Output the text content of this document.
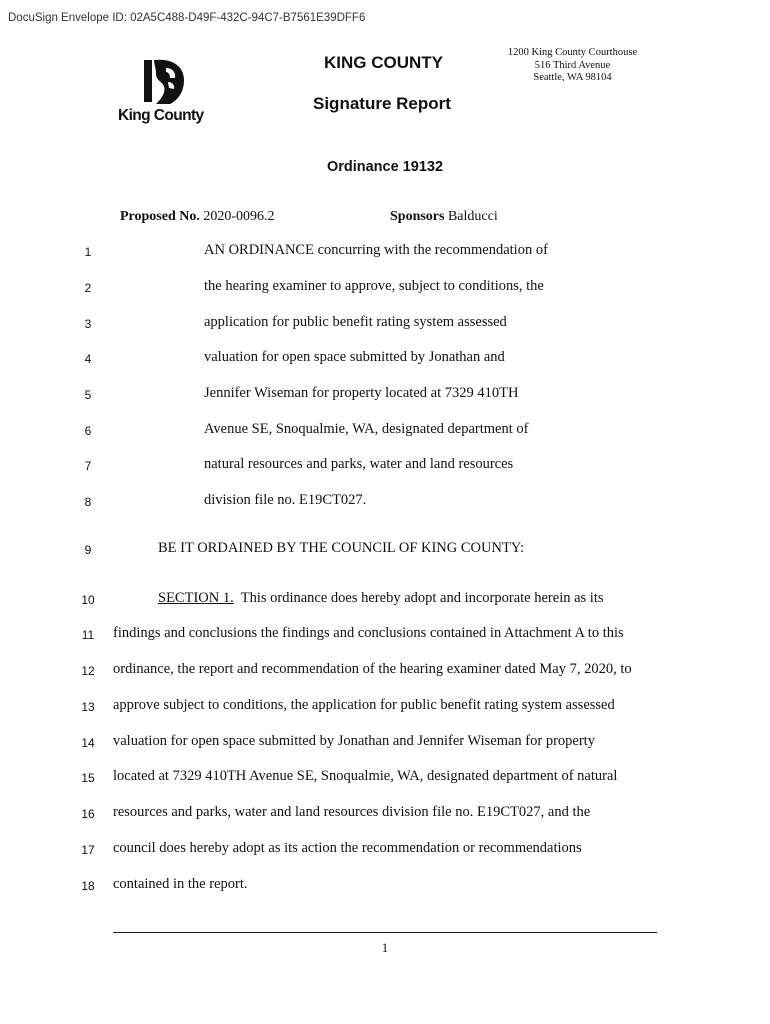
DocuSign Envelope ID: 02A5C488-D49F-432C-94C7-B7561E39DFF6
King County
KING COUNTY
Signature Report
1200 King County Courthouse
516 Third Avenue
Seattle, WA 98104
Ordinance 19132
Proposed No. 2020-0096.2	Sponsors Balducci
1	AN ORDINANCE concurring with the recommendation of
2	the hearing examiner to approve, subject to conditions, the
3	application for public benefit rating system assessed
4	valuation for open space submitted by Jonathan and
5	Jennifer Wiseman for property located at 7329 410TH
6	Avenue SE, Snoqualmie, WA, designated department of
7	natural resources and parks, water and land resources
8	division file no. E19CT027.
9	BE IT ORDAINED BY THE COUNCIL OF KING COUNTY:
10	SECTION 1.  This ordinance does hereby adopt and incorporate herein as its
11	findings and conclusions the findings and conclusions contained in Attachment A to this
12	ordinance, the report and recommendation of the hearing examiner dated May 7, 2020, to
13	approve subject to conditions, the application for public benefit rating system assessed
14	valuation for open space submitted by Jonathan and Jennifer Wiseman for property
15	located at 7329 410TH Avenue SE, Snoqualmie, WA, designated department of natural
16	resources and parks, water and land resources division file no. E19CT027, and the
17	council does hereby adopt as its action the recommendation or recommendations
18	contained in the report.
1
